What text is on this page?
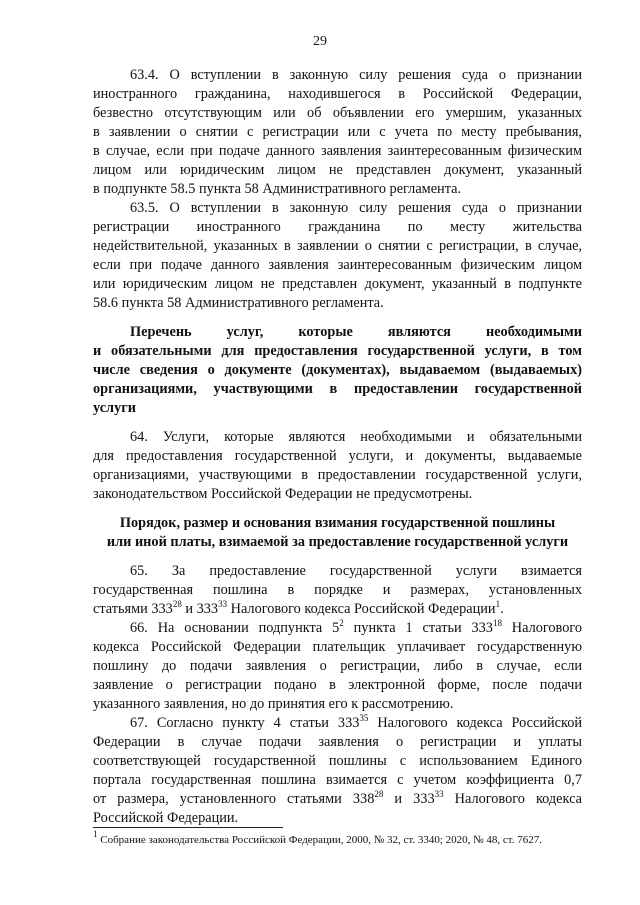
29
63.4. О вступлении в законную силу решения суда о признании
иностранного гражданина, находившегося в Российской Федерации,
безвестно отсутствующим или об объявлении его умершим, указанных
в заявлении о снятии с регистрации или с учета по месту пребывания,
в случае, если при подаче данного заявления заинтересованным физическим
лицом или юридическим лицом не представлен документ, указанный
в подпункте 58.5 пункта 58 Административного регламента.
63.5. О вступлении в законную силу решения суда о признании
регистрации иностранного гражданина по месту жительства
недействительной, указанных в заявлении о снятии с регистрации, в случае,
если при подаче данного заявления заинтересованным физическим лицом
или юридическим лицом не представлен документ, указанный в подпункте
58.6 пункта 58 Административного регламента.
Перечень услуг, которые являются необходимыми
и обязательными для предоставления государственной услуги, в том
числе сведения о документе (документах), выдаваемом (выдаваемых)
организациями, участвующими в предоставлении государственной
услуги
64. Услуги, которые являются необходимыми и обязательными
для предоставления государственной услуги, и документы, выдаваемые
организациями, участвующими в предоставлении государственной услуги,
законодательством Российской Федерации не предусмотрены.
Порядок, размер и основания взимания государственной пошлины
или иной платы, взимаемой за предоставление государственной услуги
65. За предоставление государственной услуги взимается
государственная пошлина в порядке и размерах, установленных
статьями $333^{28}$ и $333^{33}$ Налогового кодекса Российской Федерации$^1$.
66. На основании подпункта $5^2$ пункта 1 статьи $333^{18}$ Налогового
кодекса Российской Федерации плательщик уплачивает государственную
пошлину до подачи заявления о регистрации, либо в случае, если
заявление о регистрации подано в электронной форме, после подачи
указанного заявления, но до принятия его к рассмотрению.
67. Согласно пункту 4 статьи $333^{35}$ Налогового кодекса Российской
Федерации в случае подачи заявления о регистрации и уплаты
соответствующей государственной пошлины с использованием Единого
портала государственная пошлина взимается с учетом коэффициента 0,7
от размера, установленного статьями $338^{28}$ и $333^{33}$ Налогового кодекса
Российской Федерации.
$^1$ Собрание законодательства Российской Федерации, 2000, № 32, ст. 3340; 2020, № 48, ст. 7627.
